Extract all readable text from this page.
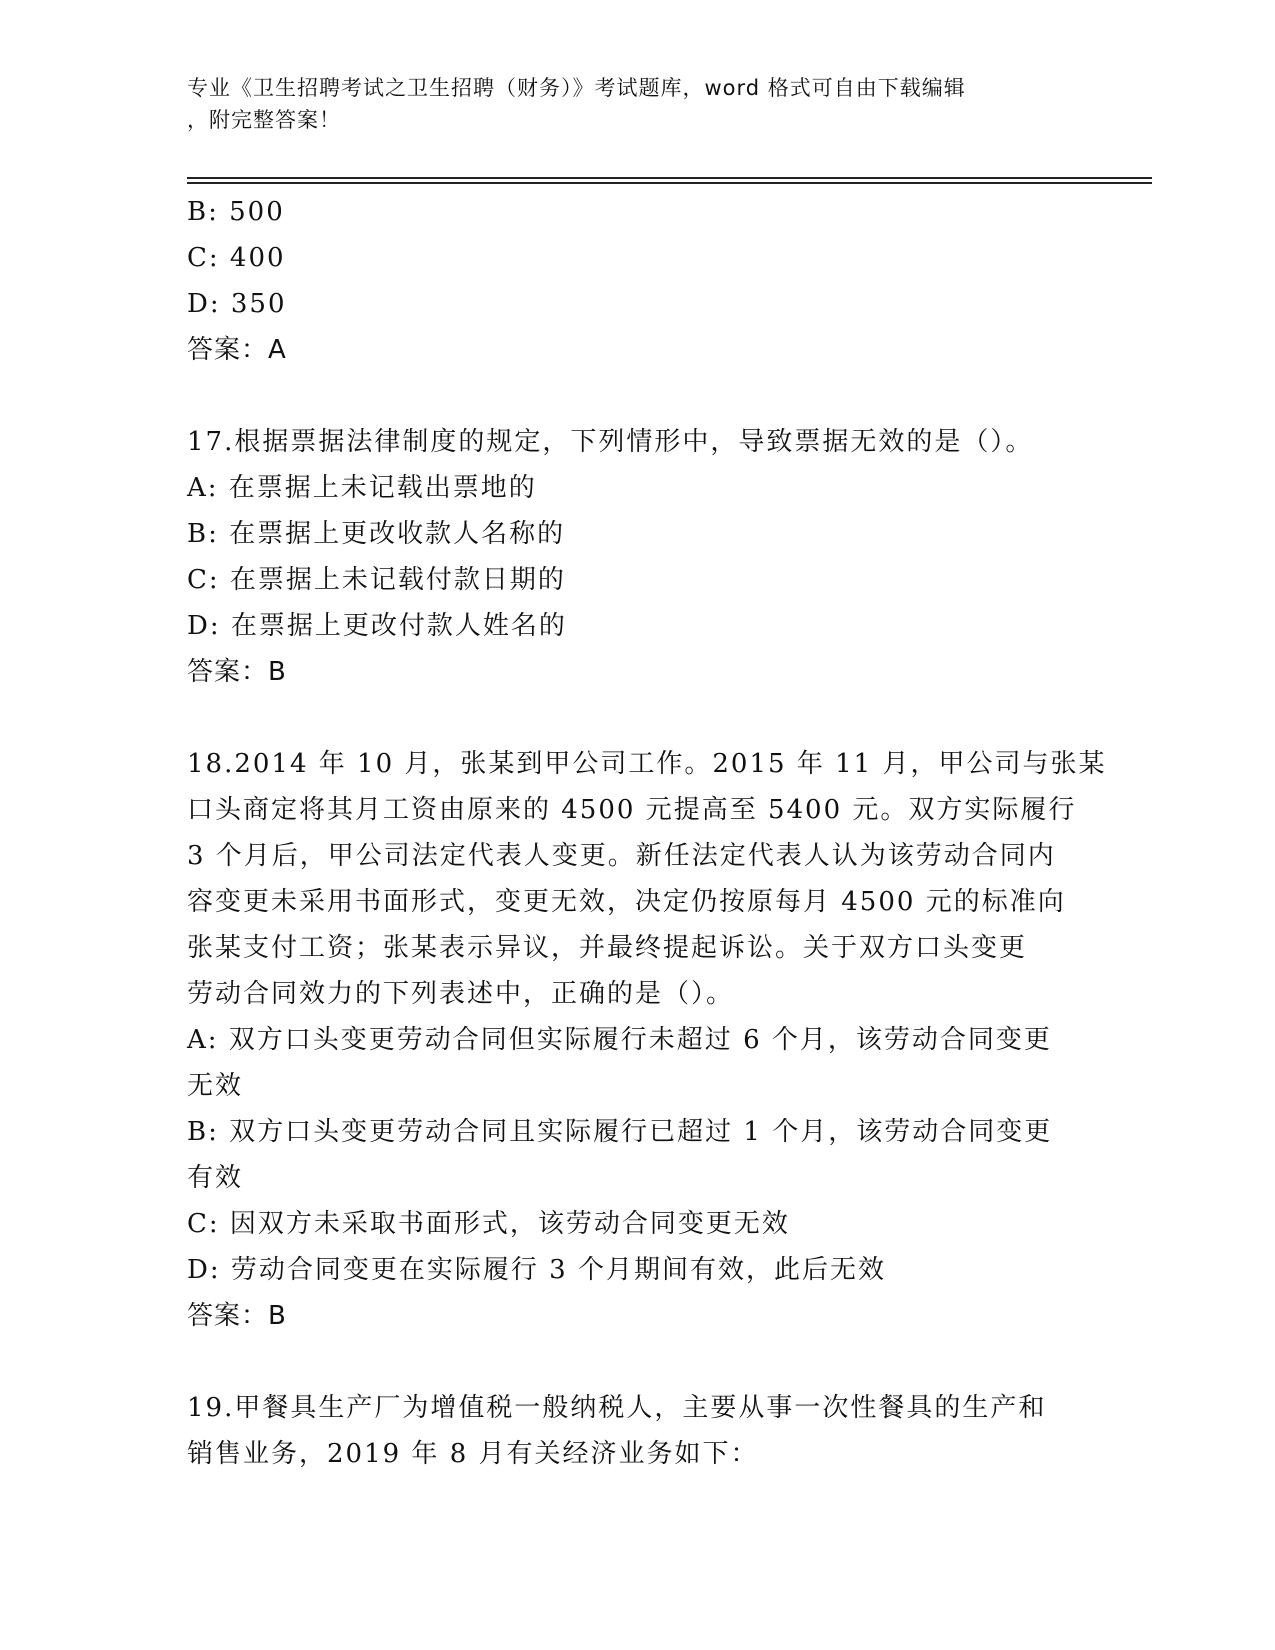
专业《卫生招聘考试之卫生招聘（财务）》考试题库，word 格式可自由下载编辑
，附完整答案！
B: 500
C: 400
D: 350
答案：A
17.根据票据法律制度的规定，下列情形中，导致票据无效的是（）。
A: 在票据上未记载出票地的
B: 在票据上更改收款人名称的
C: 在票据上未记载付款日期的
D: 在票据上更改付款人姓名的
答案：B
18.2014 年 10 月，张某到甲公司工作。2015 年 11 月，甲公司与张某
口头商定将其月工资由原来的 4500 元提高至 5400 元。双方实际履行
3 个月后，甲公司法定代表人变更。新任法定代表人认为该劳动合同内
容变更未采用书面形式，变更无效，决定仍按原每月 4500 元的标准向
张某支付工资；张某表示异议，并最终提起诉讼。关于双方口头变更
劳动合同效力的下列表述中，正确的是（）。
A: 双方口头变更劳动合同但实际履行未超过 6 个月，该劳动合同变更
无效
B: 双方口头变更劳动合同且实际履行已超过 1 个月，该劳动合同变更
有效
C: 因双方未采取书面形式，该劳动合同变更无效
D: 劳动合同变更在实际履行 3 个月期间有效，此后无效
答案：B
19.甲餐具生产厂为增值税一般纳税人，主要从事一次性餐具的生产和
销售业务，2019 年 8 月有关经济业务如下：
